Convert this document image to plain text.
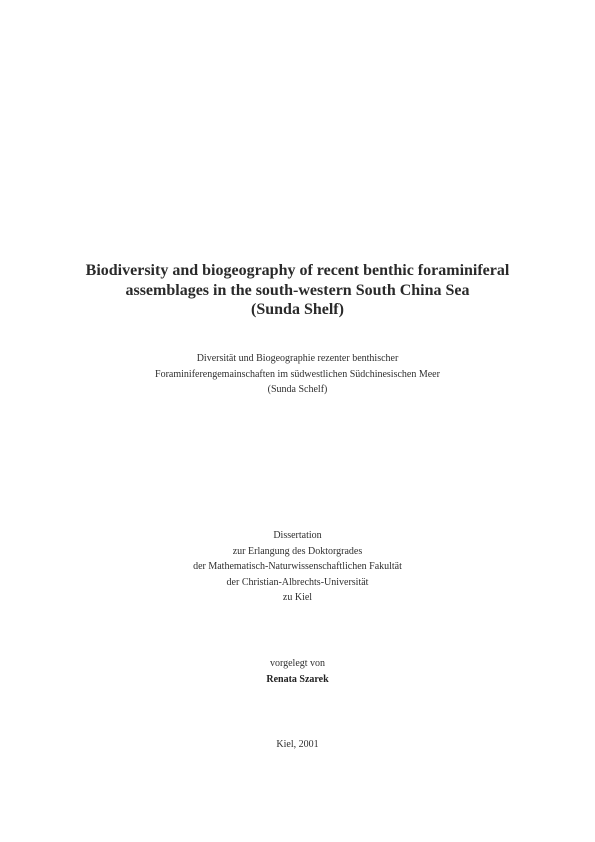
Biodiversity and biogeography of recent benthic foraminiferal
assemblages in the south-western South China Sea
(Sunda Shelf)
Diversität und Biogeographie rezenter benthischer
Foraminiferengemainschaften im südwestlichen Südchinesischen Meer
(Sunda Schelf)
Dissertation
zur Erlangung des Doktorgrades
der Mathematisch-Naturwissenschaftlichen Fakultät
der Christian-Albrechts-Universität
zu Kiel
vorgelegt von
Renata Szarek
Kiel, 2001
